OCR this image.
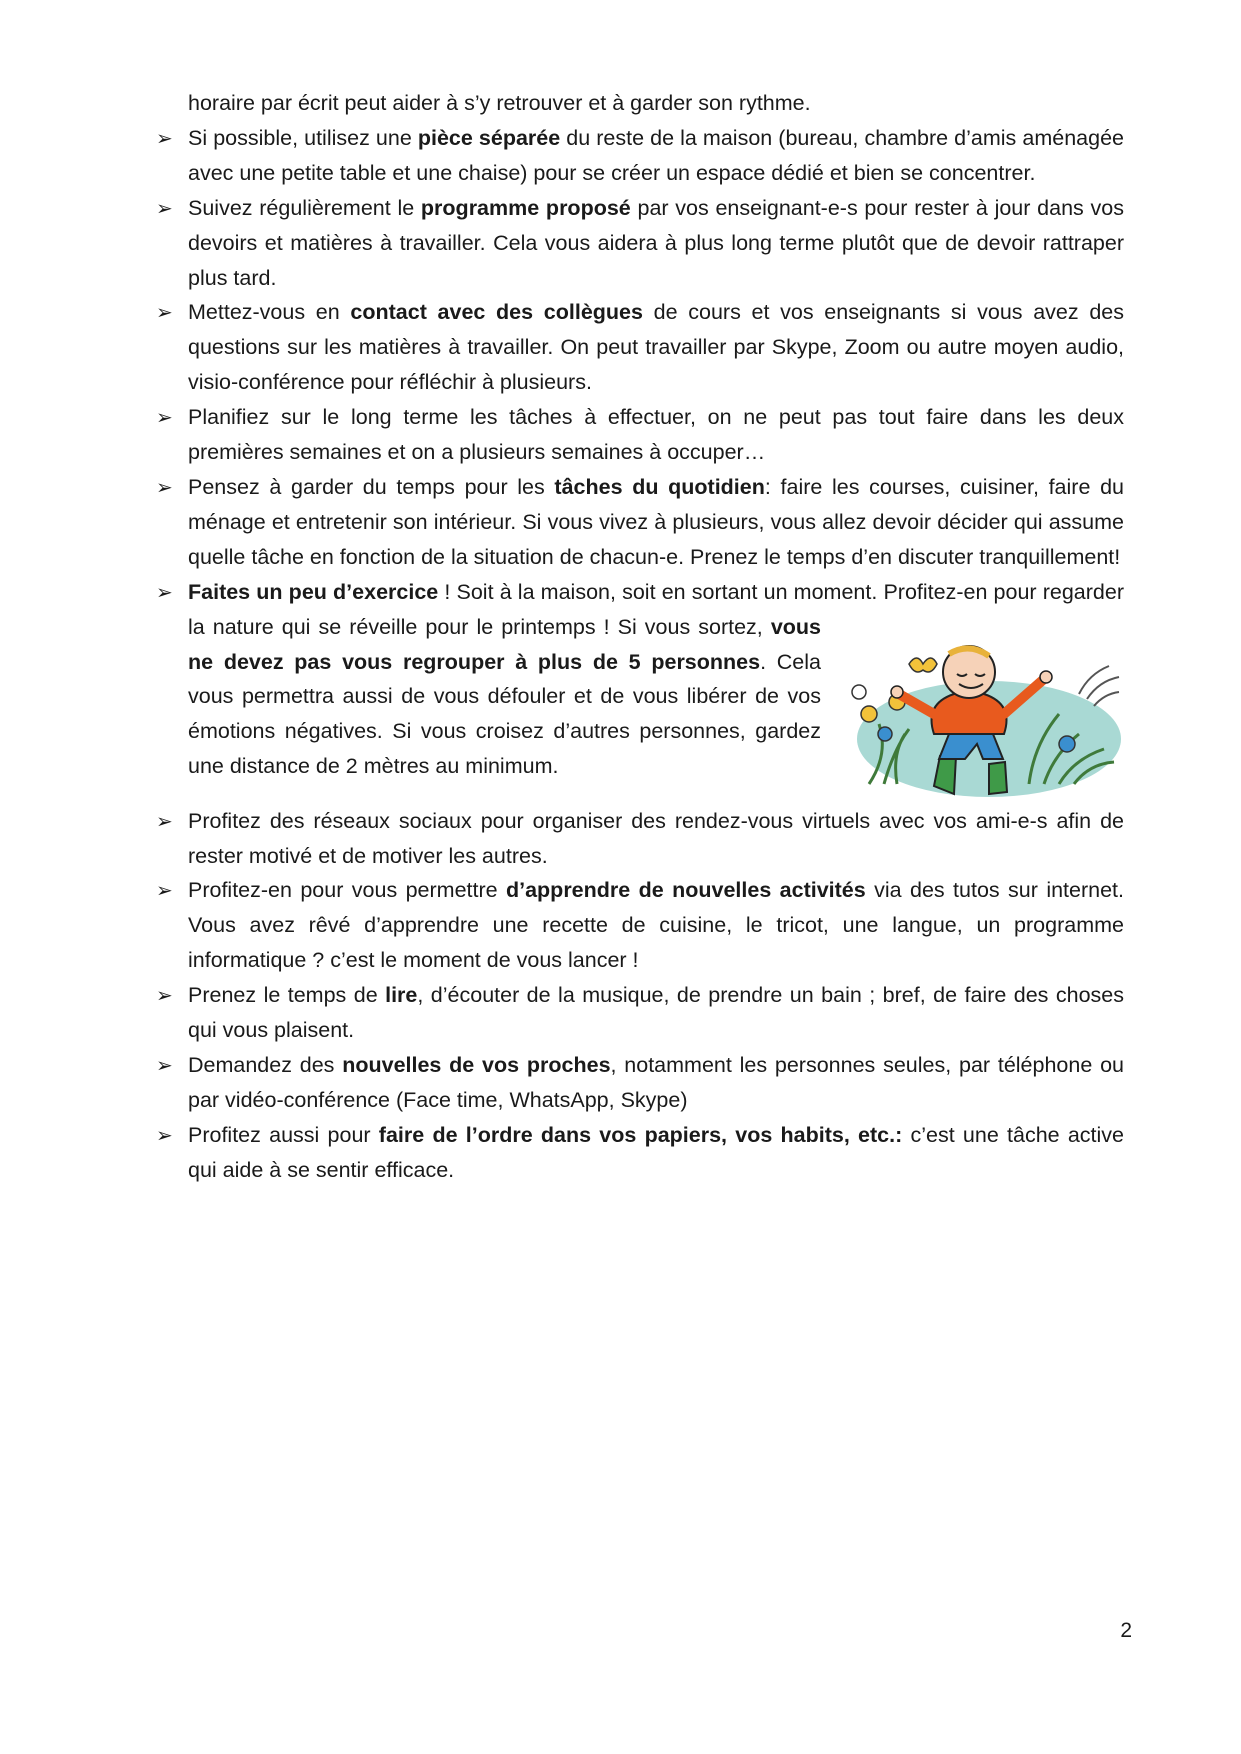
horaire par écrit peut aider à s’y retrouver et à garder son rythme.
➢ Si possible, utilisez une pièce séparée du reste de la maison (bureau, chambre d’amis aménagée avec une petite table et une chaise) pour se créer un espace dédié et bien se concentrer.
➢ Suivez régulièrement le programme proposé par vos enseignant-e-s pour rester à jour dans vos devoirs et matières à travailler. Cela vous aidera à plus long terme plutôt que de devoir rattraper plus tard.
➢ Mettez-vous en contact avec des collègues de cours et vos enseignants si vous avez des questions sur les matières à travailler. On peut travailler par Skype, Zoom ou autre moyen audio, visio-conférence pour réfléchir à plusieurs.
➢ Planifiez sur le long terme les tâches à effectuer, on ne peut pas tout faire dans les deux premières semaines et on a plusieurs semaines à occuper…
➢ Pensez à garder du temps pour les tâches du quotidien: faire les courses, cuisiner, faire du ménage et entretenir son intérieur. Si vous vivez à plusieurs, vous allez devoir décider qui assume quelle tâche en fonction de la situation de chacun-e. Prenez le temps d’en discuter tranquillement!
➢ Faites un peu d’exercice ! Soit à la maison, soit en sortant un moment. Profitez-en pour regarder la nature qui se réveille pour le printemps ! Si vous sortez,
vous ne devez pas vous regrouper à plus de 5 personnes. Cela vous permettra aussi de vous défouler et de vous libérer de vos émotions négatives. Si vous croisez d’autres personnes, gardez une distance de 2 mètres au minimum.
➢ Profitez des réseaux sociaux pour organiser des rendez-vous virtuels avec vos ami-e-s afin de rester motivé et de motiver les autres.
➢ Profitez-en pour vous permettre d’apprendre de nouvelles activités via des tutos sur internet. Vous avez rêvé d’apprendre une recette de cuisine, le tricot, une langue, un programme informatique ? c’est le moment de vous lancer !
➢ Prenez le temps de lire, d’écouter de la musique, de prendre un bain ; bref, de faire des choses qui vous plaisent.
➢ Demandez des nouvelles de vos proches, notamment les personnes seules, par téléphone ou par vidéo-conférence (Face time, WhatsApp, Skype)
➢ Profitez aussi pour faire de l’ordre dans vos papiers, vos habits, etc.: c’est une tâche active qui aide à se sentir efficace.
2
